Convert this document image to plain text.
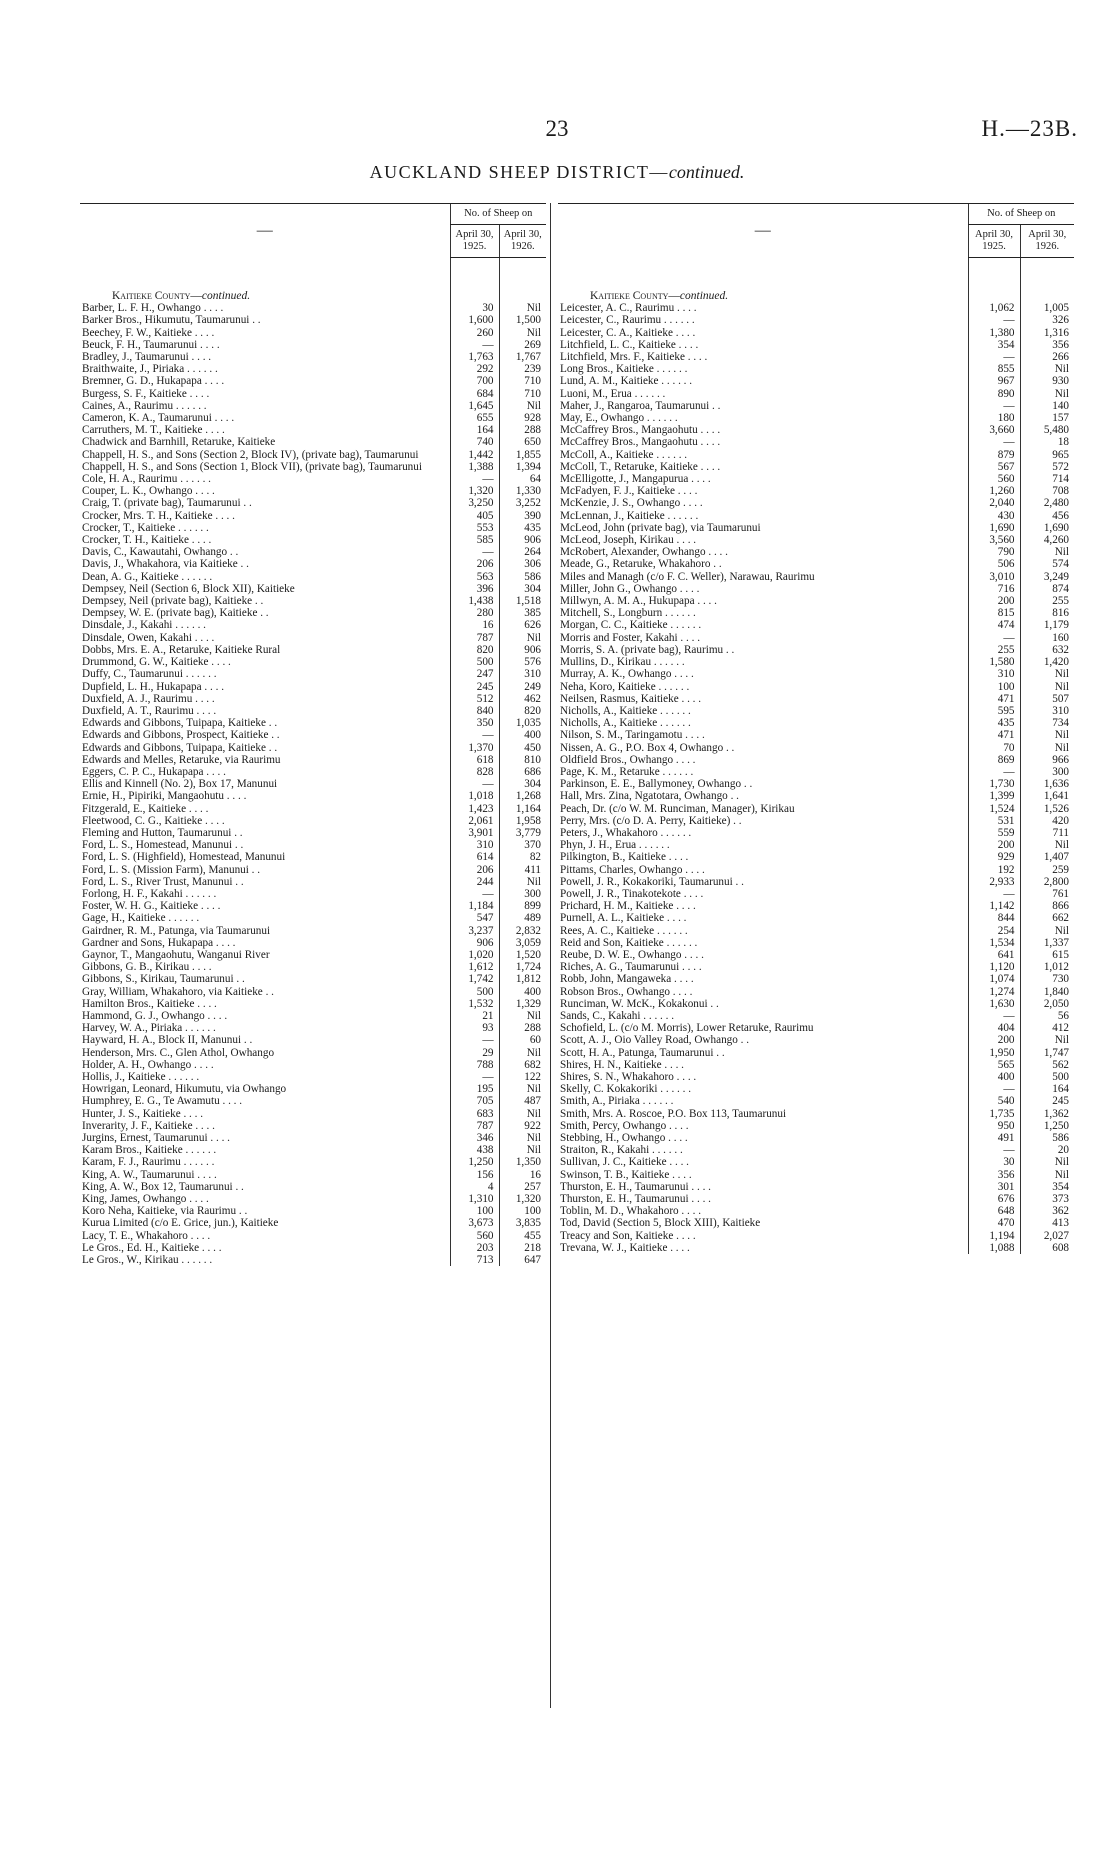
23	H.—23B.
AUCKLAND SHEEP DISTRICT—continued.
—	No. of Sheep on	
	April 30, 1925.	April 30, 1926.

Kaitieke County—continued.		
Barber, L. F. H., Owhango . . . .	30	Nil
Barker Bros., Hikumutu, Taumarunui . .	1,600	1,500
Beechey, F. W., Kaitieke . . . .	260	Nil
Beuck, F. H., Taumarunui . . . .	—	269
Bradley, J., Taumarunui . . . .	1,763	1,767
Braithwaite, J., Piriaka . . . . . .	292	239
Bremner, G. D., Hukapapa . . . .	700	710
Burgess, S. F., Kaitieke . . . .	684	710
Caines, A., Raurimu . . . . . .	1,645	Nil
Cameron, K. A., Taumarunui . . . .	655	928
Carruthers, M. T., Kaitieke . . . .	164	288
Chadwick and Barnhill, Retaruke, Kaitieke	740	650
Chappell, H. S., and Sons (Section 2, Block IV), (private bag), Taumarunui	1,442	1,855
Chappell, H. S., and Sons (Section 1, Block VII), (private bag), Taumarunui	1,388	1,394
Cole, H. A., Raurimu . . . . . .	—	64
Couper, L. K., Owhango . . . .	1,320	1,330
Craig, T. (private bag), Taumarunui . .	3,250	3,252
Crocker, Mrs. T. H., Kaitieke . . . .	405	390
Crocker, T., Kaitieke . . . . . .	553	435
Crocker, T. H., Kaitieke . . . .	585	906
Davis, C., Kawautahi, Owhango . .	—	264
Davis, J., Whakahora, via Kaitieke . .	206	306
Dean, A. G., Kaitieke . . . . . .	563	586
Dempsey, Neil (Section 6, Block XII), Kaitieke	396	304
Dempsey, Neil (private bag), Kaitieke . .	1,438	1,518
Dempsey, W. E. (private bag), Kaitieke . .	280	385
Dinsdale, J., Kakahi . . . . . .	16	626
Dinsdale, Owen, Kakahi . . . .	787	Nil
Dobbs, Mrs. E. A., Retaruke, Kaitieke Rural	820	906
Drummond, G. W., Kaitieke . . . .	500	576
Duffy, C., Taumarunui . . . . . .	247	310
Dupfield, L. H., Hukapapa . . . .	245	249
Duxfield, A. J., Raurimu . . . .	512	462
Duxfield, A. T., Raurimu . . . .	840	820
Edwards and Gibbons, Tuipapa, Kaitieke . .	350	1,035
Edwards and Gibbons, Prospect, Kaitieke . .	—	400
Edwards and Gibbons, Tuipapa, Kaitieke . .	1,370	450
Edwards and Melles, Retaruke, via Raurimu	618	810
Eggers, C. P. C., Hukapapa . . . .	828	686
Ellis and Kinnell (No. 2), Box 17, Manunui	—	304
Ernie, H., Pipiriki, Mangaohutu . . . .	1,018	1,268
Fitzgerald, E., Kaitieke . . . .	1,423	1,164
Fleetwood, C. G., Kaitieke . . . .	2,061	1,958
Fleming and Hutton, Taumarunui . .	3,901	3,779
Ford, L. S., Homestead, Manunui . .	310	370
Ford, L. S. (Highfield), Homestead, Manunui	614	82
Ford, L. S. (Mission Farm), Manunui . .	206	411
Ford, L. S., River Trust, Manunui . .	244	Nil
Forlong, H. F., Kakahi . . . . . .	—	300
Foster, W. H. G., Kaitieke . . . .	1,184	899
Gage, H., Kaitieke . . . . . .	547	489
Gairdner, R. M., Patunga, via Taumarunui	3,237	2,832
Gardner and Sons, Hukapapa . . . .	906	3,059
Gaynor, T., Mangaohutu, Wanganui River	1,020	1,520
Gibbons, G. B., Kirikau . . . .	1,612	1,724
Gibbons, S., Kirikau, Taumarunui . .	1,742	1,812
Gray, William, Whakahoro, via Kaitieke . .	500	400
Hamilton Bros., Kaitieke . . . .	1,532	1,329
Hammond, G. J., Owhango . . . .	21	Nil
Harvey, W. A., Piriaka . . . . . .	93	288
Hayward, H. A., Block II, Manunui . .	—	60
Henderson, Mrs. C., Glen Athol, Owhango	29	Nil
Holder, A. H., Owhango . . . .	788	682
Hollis, J., Kaitieke . . . . . .	—	122
Howrigan, Leonard, Hikumutu, via Owhango	195	Nil
Humphrey, E. G., Te Awamutu . . . .	705	487
Hunter, J. S., Kaitieke . . . .	683	Nil
Inverarity, J. F., Kaitieke . . . .	787	922
Jurgins, Ernest, Taumarunui . . . .	346	Nil
Karam Bros., Kaitieke . . . . . .	438	Nil
Karam, F. J., Raurimu . . . . . .	1,250	1,350
King, A. W., Taumarunui . . . .	156	16
King, A. W., Box 12, Taumarunui . .	4	257
King, James, Owhango . . . .	1,310	1,320
Koro Neha, Kaitieke, via Raurimu . .	100	100
Kurua Limited (c/o E. Grice, jun.), Kaitieke	3,673	3,835
Lacy, T. E., Whakahoro . . . .	560	455
Le Gros., Ed. H., Kaitieke . . . .	203	218
Le Gros., W., Kirikau . . . . . .	713	647
—	No. of Sheep on	
	April 30, 1925.	April 30, 1926.

Kaitieke County—continued.		
Leicester, A. C., Raurimu . . . .	1,062	1,005
Leicester, C., Raurimu . . . . . .	—	326
Leicester, C. A., Kaitieke . . . .	1,380	1,316
Litchfield, L. C., Kaitieke . . . .	354	356
Litchfield, Mrs. F., Kaitieke . . . .	—	266
Long Bros., Kaitieke . . . . . .	855	Nil
Lund, A. M., Kaitieke . . . . . .	967	930
Luoni, M., Erua . . . . . .	890	Nil
Maher, J., Rangaroa, Taumarunui . .	—	140
May, E., Owhango . . . . . .	180	157
McCaffrey Bros., Mangaohutu . . . .	3,660	5,480
McCaffrey Bros., Mangaohutu . . . .	—	18
McColl, A., Kaitieke . . . . . .	879	965
McColl, T., Retaruke, Kaitieke . . . .	567	572
McElligotte, J., Mangapurua . . . .	560	714
McFadyen, F. J., Kaitieke . . . .	1,260	708
McKenzie, J. S., Owhango . . . .	2,040	2,480
McLennan, J., Kaitieke . . . . . .	430	456
McLeod, John (private bag), via Taumarunui	1,690	1,690
McLeod, Joseph, Kirikau . . . .	3,560	4,260
McRobert, Alexander, Owhango . . . .	790	Nil
Meade, G., Retaruke, Whakahoro . .	506	574
Miles and Managh (c/o F. C. Weller), Narawau, Raurimu	3,010	3,249
Miller, John G., Owhango . . . .	716	874
Millwyn, A. M. A., Hukupapa . . . .	200	255
Mitchell, S., Longburn . . . . . .	815	816
Morgan, C. C., Kaitieke . . . . . .	474	1,179
Morris and Foster, Kakahi . . . .	—	160
Morris, S. A. (private bag), Raurimu . .	255	632
Mullins, D., Kirikau . . . . . .	1,580	1,420
Murray, A. K., Owhango . . . .	310	Nil
Neha, Koro, Kaitieke . . . . . .	100	Nil
Neilsen, Rasmus, Kaitieke . . . .	471	507
Nicholls, A., Kaitieke . . . . . .	595	310
Nicholls, A., Kaitieke . . . . . .	435	734
Nilson, S. M., Taringamotu . . . .	471	Nil
Nissen, A. G., P.O. Box 4, Owhango . .	70	Nil
Oldfield Bros., Owhango . . . .	869	966
Page, K. M., Retaruke . . . . . .	—	300
Parkinson, E. E., Ballymoney, Owhango . .	1,730	1,636
Hall, Mrs. Zina, Ngatotara, Owhango . .	1,399	1,641
Peach, Dr. (c/o W. M. Runciman, Manager), Kirikau	1,524	1,526
Perry, Mrs. (c/o D. A. Perry, Kaitieke) . .	531	420
Peters, J., Whakahoro . . . . . .	559	711
Phyn, J. H., Erua . . . . . .	200	Nil
Pilkington, B., Kaitieke . . . .	929	1,407
Pittams, Charles, Owhango . . . .	192	259
Powell, J. R., Kokakoriki, Taumarunui . .	2,933	2,800
Powell, J. R., Tinakotekote . . . .	—	761
Prichard, H. M., Kaitieke . . . .	1,142	866
Purnell, A. L., Kaitieke . . . .	844	662
Rees, A. C., Kaitieke . . . . . .	254	Nil
Reid and Son, Kaitieke . . . . . .	1,534	1,337
Reube, D. W. E., Owhango . . . .	641	615
Riches, A. G., Taumarunui . . . .	1,120	1,012
Robb, John, Mangaweka . . . .	1,074	730
Robson Bros., Owhango . . . .	1,274	1,840
Runciman, W. McK., Kokakonui . .	1,630	2,050
Sands, C., Kakahi . . . . . .	—	56
Schofield, L. (c/o M. Morris), Lower Retaruke, Raurimu	404	412
Scott, A. J., Oio Valley Road, Owhango . .	200	Nil
Scott, H. A., Patunga, Taumarunui . .	1,950	1,747
Shires, H. N., Kaitieke . . . .	565	562
Shires, S. N., Whakahoro . . . .	400	500
Skelly, C. Kokakoriki . . . . . .	—	164
Smith, A., Piriaka . . . . . .	540	245
Smith, Mrs. A. Roscoe, P.O. Box 113, Taumarunui	1,735	1,362
Smith, Percy, Owhango . . . .	950	1,250
Stebbing, H., Owhango . . . .	491	586
Straiton, R., Kakahi . . . . . .	—	20
Sullivan, J. C., Kaitieke . . . .	30	Nil
Swinson, T. B., Kaitieke . . . .	356	Nil
Thurston, E. H., Taumarunui . . . .	301	354
Thurston, E. H., Taumarunui . . . .	676	373
Toblin, M. D., Whakahoro . . . .	648	362
Tod, David (Section 5, Block XIII), Kaitieke	470	413
Treacy and Son, Kaitieke . . . .	1,194	2,027
Trevana, W. J., Kaitieke . . . .	1,088	608
